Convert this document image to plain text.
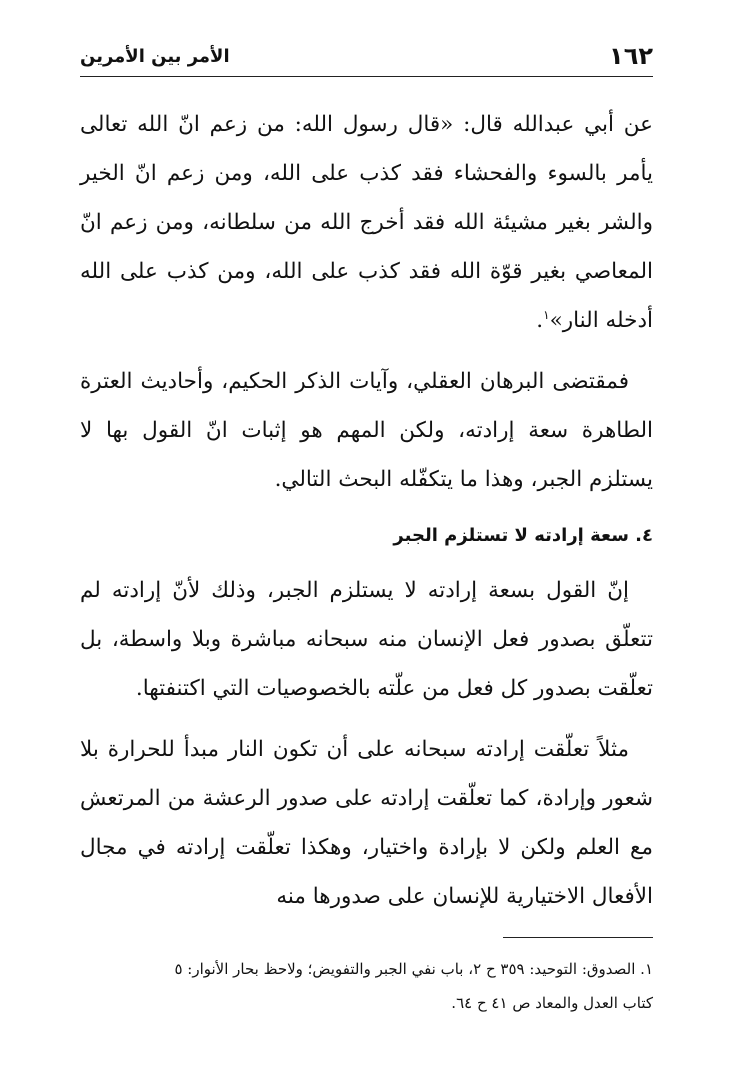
١٦٢
الأمر بين الأمرين

عن أبي عبدالله قال: «قال رسول الله: من زعم انّ الله تعالى يأمر بالسوء والفحشاء فقد كذب على الله، ومن زعم انّ الخير والشر بغير مشيئة الله فقد أخرج الله من سلطانه، ومن زعم انّ المعاصي بغير قوّة الله فقد كذب على الله، ومن كذب على الله أدخله النار»$^١$.

فمقتضى البرهان العقلي، وآيات الذكر الحكيم، وأحاديث العترة الطاهرة سعة إرادته، ولكن المهم هو إثبات انّ القول بها لا يستلزم الجبر، وهذا ما يتكفّله البحث التالي.

٤. سعة إرادته لا تستلزم الجبر

إنّ القول بسعة إرادته لا يستلزم الجبر، وذلك لأنّ إرادته لم تتعلّق بصدور فعل الإنسان منه سبحانه مباشرة وبلا واسطة، بل تعلّقت بصدور كل فعل من علّته بالخصوصيات التي اكتنفتها.

مثلاً تعلّقت إرادته سبحانه على أن تكون النار مبدأ للحرارة بلا شعور وإرادة، كما تعلّقت إرادته على صدور الرعشة من المرتعش مع العلم ولكن لا بإرادة واختيار، وهكذا تعلّقت إرادته في مجال الأفعال الاختيارية للإنسان على صدورها منه

١. الصدوق: التوحيد: ٣٥٩ ح ٢، باب نفي الجبر والتفويض؛ ولاحظ بحار الأنوار: ٥
كتاب العدل والمعاد ص ٤١ ح ٦٤.
